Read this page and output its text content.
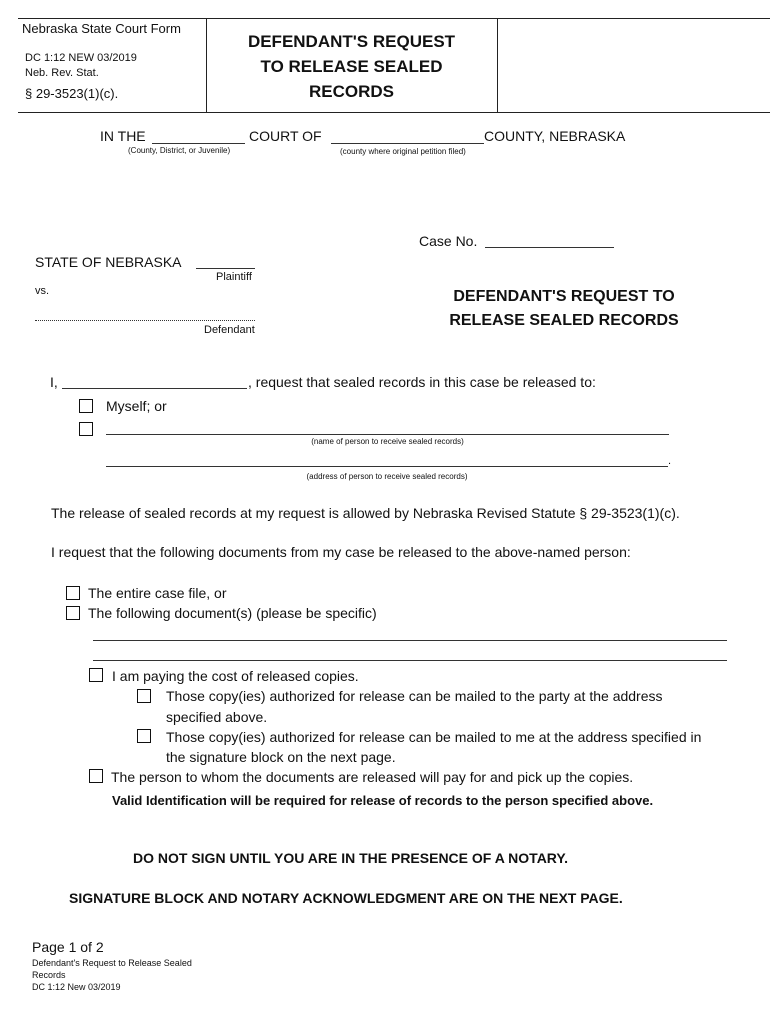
Nebraska State Court Form
DC 1:12 NEW 03/2019
Neb. Rev. Stat.
§ 29-3523(1)(c).
DEFENDANT'S REQUEST
TO RELEASE SEALED
RECORDS
IN THE	COURT OF	COUNTY, NEBRASKA
(County, District, or Juvenile)	(county where original petition filed)
Case No.
STATE OF NEBRASKA
Plaintiff
vs.
Defendant
DEFENDANT'S REQUEST TO
RELEASE SEALED RECORDS
I,	, request that sealed records in this case be released to:
Myself; or
(name of person to receive sealed records)
.
(address of person to receive sealed records)
The release of sealed records at my request is allowed by Nebraska Revised Statute § 29-3523(1)(c).
I request that the following documents from my case be released to the above-named person:
The entire case file, or
The following document(s) (please be specific)
I am paying the cost of released copies.
Those copy(ies) authorized for release can be mailed to the party at the address
specified above.
Those copy(ies) authorized for release can be mailed to me at the address specified in
the signature block on the next page.
The person to whom the documents are released will pay for and pick up the copies.
Valid Identification will be required for release of records to the person specified above.
DO NOT SIGN UNTIL YOU ARE IN THE PRESENCE OF A NOTARY.
SIGNATURE BLOCK AND NOTARY ACKNOWLEDGMENT ARE ON THE NEXT PAGE.
Page 1 of 2
Defendant's Request to Release Sealed
Records
DC 1:12 New 03/2019
